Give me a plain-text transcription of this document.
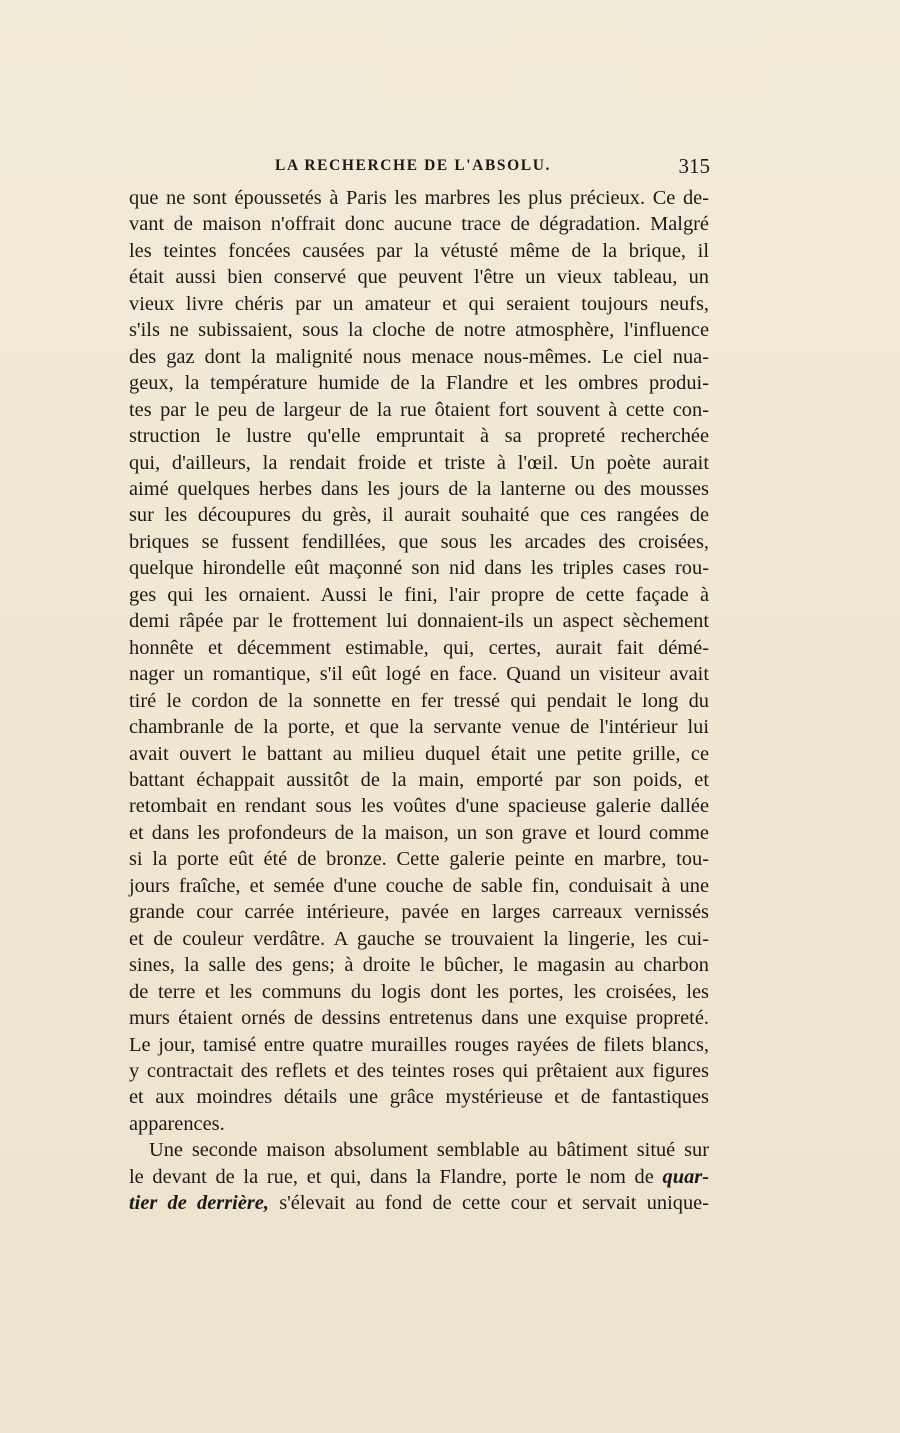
LA RECHERCHE DE L'ABSOLU.	315
que ne sont époussetés à Paris les marbres les plus précieux. Ce de-
vant de maison n'offrait donc aucune trace de dégradation. Malgré
les teintes foncées causées par la vétusté même de la brique, il
était aussi bien conservé que peuvent l'être un vieux tableau, un
vieux livre chéris par un amateur et qui seraient toujours neufs,
s'ils ne subissaient, sous la cloche de notre atmosphère, l'influence
des gaz dont la malignité nous menace nous-mêmes. Le ciel nua-
geux, la température humide de la Flandre et les ombres produi-
tes par le peu de largeur de la rue ôtaient fort souvent à cette con-
struction le lustre qu'elle empruntait à sa propreté recherchée
qui, d'ailleurs, la rendait froide et triste à l'œil. Un poète aurait
aimé quelques herbes dans les jours de la lanterne ou des mousses
sur les découpures du grès, il aurait souhaité que ces rangées de
briques se fussent fendillées, que sous les arcades des croisées,
quelque hirondelle eût maçonné son nid dans les triples cases rou-
ges qui les ornaient. Aussi le fini, l'air propre de cette façade à
demi râpée par le frottement lui donnaient-ils un aspect sèchement
honnête et décemment estimable, qui, certes, aurait fait démé-
nager un romantique, s'il eût logé en face. Quand un visiteur avait
tiré le cordon de la sonnette en fer tressé qui pendait le long du
chambranle de la porte, et que la servante venue de l'intérieur lui
avait ouvert le battant au milieu duquel était une petite grille, ce
battant échappait aussitôt de la main, emporté par son poids, et
retombait en rendant sous les voûtes d'une spacieuse galerie dallée
et dans les profondeurs de la maison, un son grave et lourd comme
si la porte eût été de bronze. Cette galerie peinte en marbre, tou-
jours fraîche, et semée d'une couche de sable fin, conduisait à une
grande cour carrée intérieure, pavée en larges carreaux vernissés
et de couleur verdâtre. A gauche se trouvaient la lingerie, les cui-
sines, la salle des gens; à droite le bûcher, le magasin au charbon
de terre et les communs du logis dont les portes, les croisées, les
murs étaient ornés de dessins entretenus dans une exquise propreté.
Le jour, tamisé entre quatre murailles rouges rayées de filets blancs,
y contractait des reflets et des teintes roses qui prêtaient aux figures
et aux moindres détails une grâce mystérieuse et de fantastiques
apparences.
Une seconde maison absolument semblable au bâtiment situé sur
le devant de la rue, et qui, dans la Flandre, porte le nom de quar-
tier de derrière, s'élevait au fond de cette cour et servait unique-
